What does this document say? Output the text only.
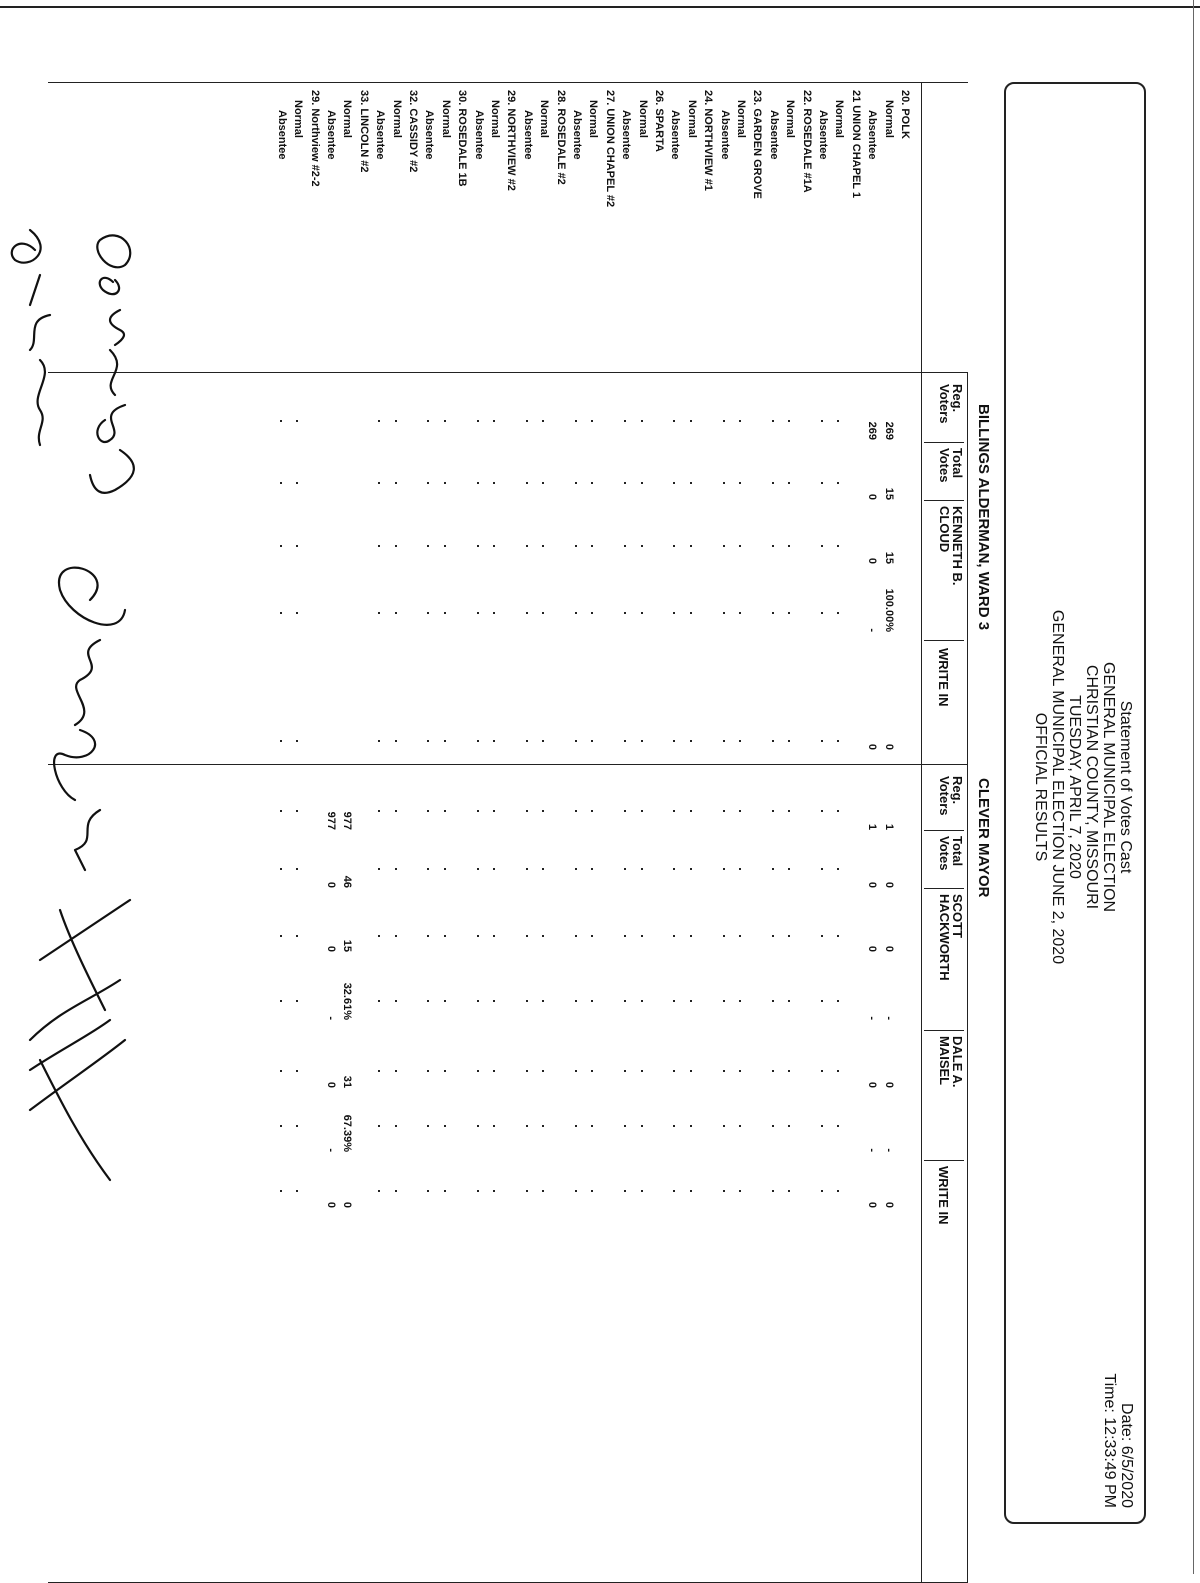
Statement of Votes Cast
GENERAL MUNICIPAL ELECTION
CHRISTIAN COUNTY, MISSOURI
TUESDAY, APRIL 7, 2020
GENERAL MUNICIPAL ELECTION JUNE 2, 2020
OFFICIAL RESULTS
Date: 6/5/2020
Time: 12:33:49 PM
BILLINGS ALDERMAN, WARD 3
CLEVER MAYOR
Reg. Voters
Total Votes
KENNETH B. CLOUD
WRITE IN
Reg. Voters
Total Votes
SCOTT HACKWORTH
DALE A. MAISEL
WRITE IN
20. POLK
Normal
Absentee
21 UNION CHAPEL 1
Normal
Absentee
22. ROSEDALE #1A
Normal
Absentee
23. GARDEN GROVE
Normal
Absentee
24. NORTHVIEW #1
Normal
Absentee
26. SPARTA
Normal
Absentee
27. UNION CHAPEL #2
Normal
Absentee
28. ROSEDALE #2
Normal
Absentee
29. NORTHVIEW #2
Normal
Absentee
30. ROSEDALE 1B
Normal
Absentee
32. CASSIDY #2
Normal
Absentee
33. LINCOLN #2
Normal
Absentee
29. Northview #2-2
Normal
Absentee
269
15
15
100.00%
0
269
0
0
-
0
1
0
0
-
0
-
0
1
0
0
-
0
-
0
977
46
15
32.61%
31
67.39%
0
977
0
0
-
0
-
0
